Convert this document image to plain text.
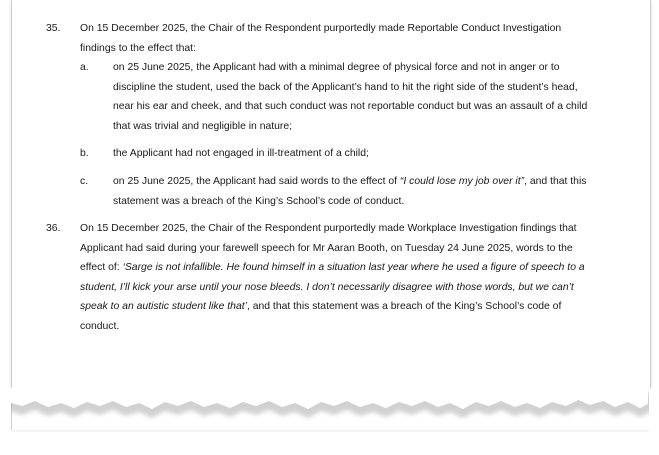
35. On 15 December 2025, the Chair of the Respondent purportedly made Reportable Conduct Investigation
findings to the effect that:
a. on 25 June 2025, the Applicant had with a minimal degree of physical force and not in anger or to
discipline the student, used the back of the Applicant’s hand to hit the right side of the student’s head,
near his ear and cheek, and that such conduct was not reportable conduct but was an assault of a child
that was trivial and negligible in nature;
b. the Applicant had not engaged in ill-treatment of a child;
c. on 25 June 2025, the Applicant had said words to the effect of “I could lose my job over it”, and that this
statement was a breach of the King’s School’s code of conduct.
36. On 15 December 2025, the Chair of the Respondent purportedly made Workplace Investigation findings that
Applicant had said during your farewell speech for Mr Aaran Booth, on Tuesday 24 June 2025, words to the
effect of: ‘Sarge is not infallible. He found himself in a situation last year where he used a figure of speech to a
student, I’ll kick your arse until your nose bleeds. I don’t necessarily disagree with those words, but we can’t
speak to an autistic student like that’, and that this statement was a breach of the King’s School’s code of
conduct.
